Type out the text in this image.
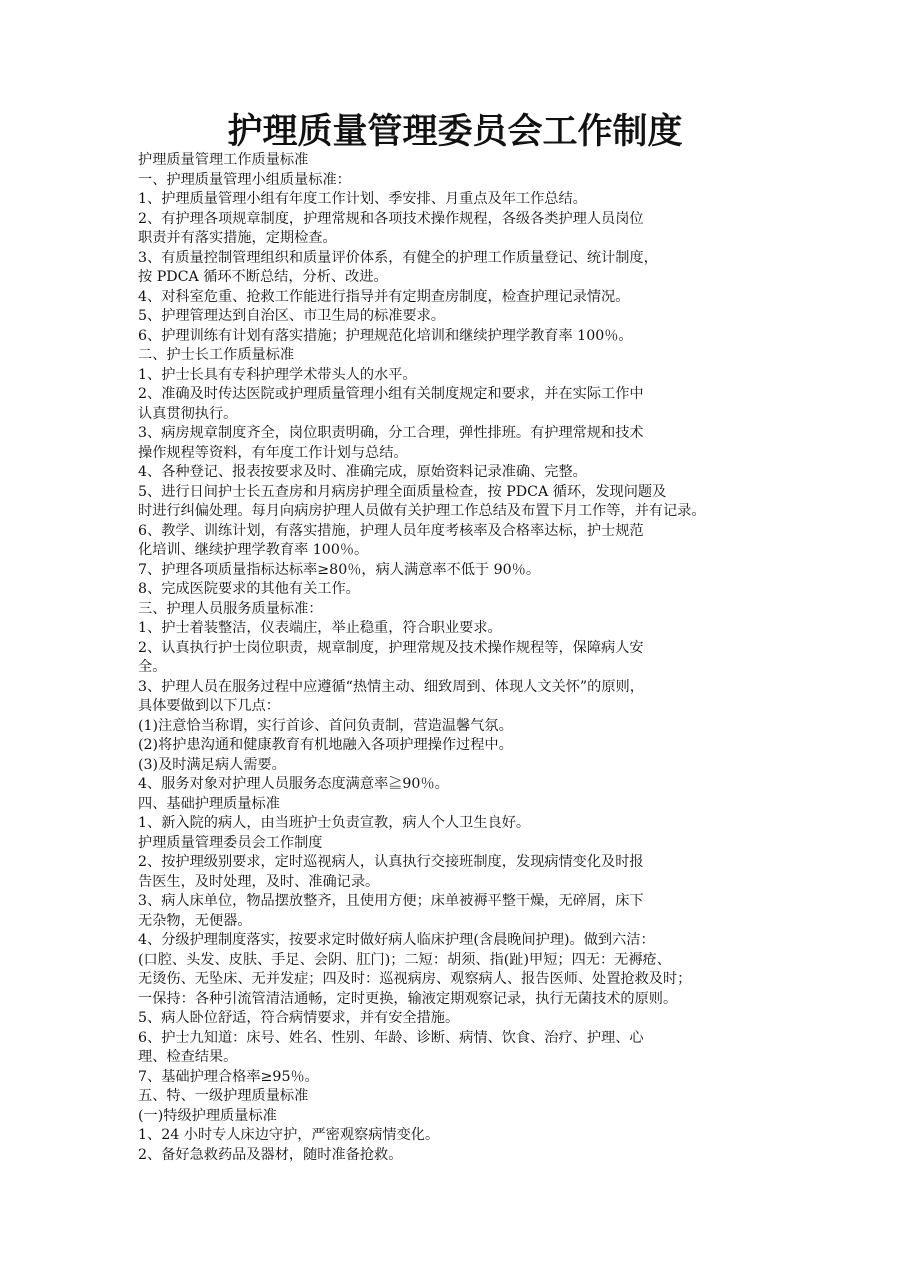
护理质量管理委员会工作制度
护理质量管理工作质量标准
一、护理质量管理小组质量标准：
1、护理质量管理小组有年度工作计划、季安排、月重点及年工作总结。
2、有护理各项规章制度，护理常规和各项技术操作规程，各级各类护理人员岗位
职责并有落实措施，定期检查。
3、有质量控制管理组织和质量评价体系，有健全的护理工作质量登记、统计制度，
按 PDCA 循环不断总结，分析、改进。
4、对科室危重、抢救工作能进行指导并有定期查房制度，检查护理记录情况。
5、护理管理达到自治区、市卫生局的标准要求。
6、护理训练有计划有落实措施；护理规范化培训和继续护理学教育率 100％。
二、护士长工作质量标准
1、护士长具有专科护理学术带头人的水平。
2、准确及时传达医院或护理质量管理小组有关制度规定和要求，并在实际工作中
认真贯彻执行。
3、病房规章制度齐全，岗位职责明确，分工合理，弹性排班。有护理常规和技术
操作规程等资料，有年度工作计划与总结。
4、各种登记、报表按要求及时、准确完成，原始资料记录准确、完整。
5、进行日间护士长五查房和月病房护理全面质量检查，按 PDCA 循环，发现问题及
时进行纠偏处理。每月向病房护理人员做有关护理工作总结及布置下月工作等，并有记录。
6、教学、训练计划，有落实措施，护理人员年度考核率及合格率达标，护士规范
化培训、继续护理学教育率 100％。
7、护理各项质量指标达标率≥80％，病人满意率不低于 90％。
8、完成医院要求的其他有关工作。
三、护理人员服务质量标准：
1、护士着装整洁，仪表端庄，举止稳重，符合职业要求。
2、认真执行护士岗位职责，规章制度，护理常规及技术操作规程等，保障病人安
全。
3、护理人员在服务过程中应遵循“热情主动、细致周到、体现人文关怀”的原则，
具体要做到以下几点：
(1)注意恰当称谓，实行首诊、首问负责制，营造温馨气氛。
(2)将护患沟通和健康教育有机地融入各项护理操作过程中。
(3)及时满足病人需要。
4、服务对象对护理人员服务态度满意率≧90％。
四、基础护理质量标准
1、新入院的病人，由当班护士负责宣教，病人个人卫生良好。
护理质量管理委员会工作制度
2、按护理级别要求，定时巡视病人，认真执行交接班制度，发现病情变化及时报
告医生，及时处理，及时、准确记录。
3、病人床单位，物品摆放整齐，且使用方便；床单被褥平整干燥，无碎屑，床下
无杂物，无便器。
4、分级护理制度落实，按要求定时做好病人临床护理(含晨晚间护理)。做到六洁：
(口腔、头发、皮肤、手足、会阴、肛门)；二短：胡须、指(趾)甲短；四无：无褥疮、
无烫伤、无坠床、无并发症；四及时：巡视病房、观察病人、报告医师、处置抢救及时；
一保持：各种引流管清洁通畅，定时更换，输液定期观察记录，执行无菌技术的原则。
5、病人卧位舒适，符合病情要求，并有安全措施。
6、护士九知道：床号、姓名、性别、年龄、诊断、病情、饮食、治疗、护理、心
理、检查结果。
7、基础护理合格率≥95％。
五、特、一级护理质量标准
(一)特级护理质量标准
1、24 小时专人床边守护，严密观察病情变化。
2、备好急救药品及器材，随时准备抢救。
